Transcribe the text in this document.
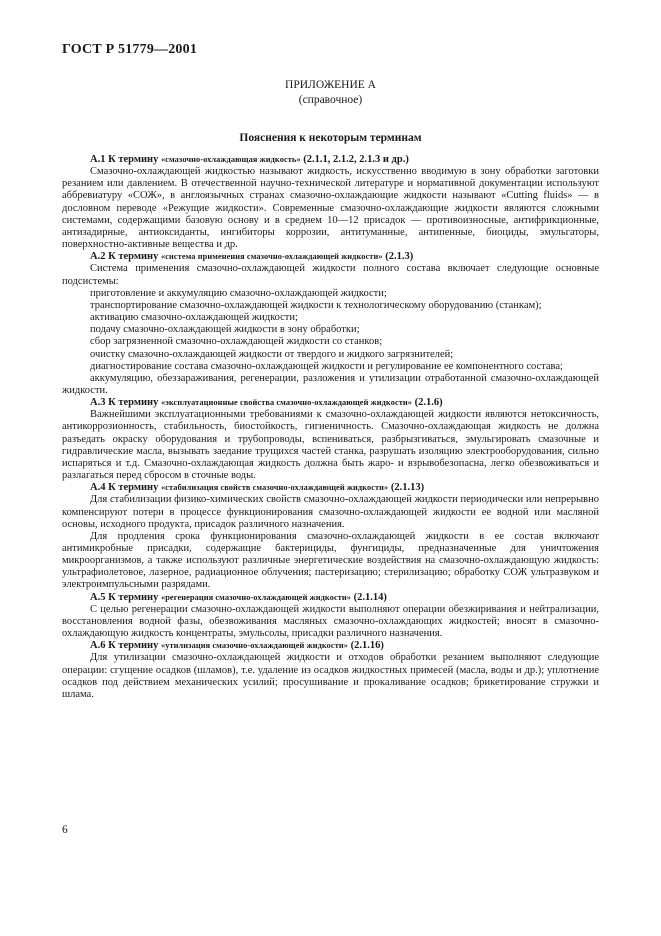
ГОСТ Р 51779—2001
ПРИЛОЖЕНИЕ А
(справочное)
Пояснения к некоторым терминам

А.1 К термину «смазочно-охлаждающая жидкость» (2.1.1, 2.1.2, 2.1.3 и др.)

Смазочно-охлаждающей жидкостью называют жидкость, искусственно вводимую в зону обработки заготовки резанием или давлением. В отечественной научно-технической литературе и нормативной документации используют аббревиатуру «СОЖ», в англоязычных странах смазочно-охлаждающие жидкости называют «Cutting fluids» — в дословном переводе «Режущие жидкости». Современные смазочно-охлаждающие жидкости являются сложными системами, содержащими базовую основу и в среднем 10—12 присадок — противоизносные, антифрикционные, антизадирные, антиоксиданты, ингибиторы коррозии, антитуманные, антипенные, биоциды, эмульгаторы, поверхностно-активные вещества и др.

А.2 К термину «система применения смазочно-охлаждающей жидкости» (2.1.3)

Система применения смазочно-охлаждающей жидкости полного состава включает следующие основные подсистемы:

приготовление и аккумуляцию смазочно-охлаждающей жидкости;

транспортирование смазочно-охлаждающей жидкости к технологическому оборудованию (станкам);

активацию смазочно-охлаждающей жидкости;

подачу смазочно-охлаждающей жидкости в зону обработки;

сбор загрязненной смазочно-охлаждающей жидкости со станков;

очистку смазочно-охлаждающей жидкости от твердого и жидкого загрязнителей;

диагностирование состава смазочно-охлаждающей жидкости и регулирование ее компонентного состава;

аккумуляцию, обеззараживания, регенерации, разложения и утилизации отработанной смазочно-охлаждающей жидкости.

А.3 К термину «эксплуатационные свойства смазочно-охлаждающей жидкости» (2.1.6)

Важнейшими эксплуатационными требованиями к смазочно-охлаждающей жидкости являются нетоксичность, антикоррозионность, стабильность, биостойкость, гигиеничность. Смазочно-охлаждающая жидкость не должна разъедать окраску оборудования и трубопроводы, вспениваться, разбрызгиваться, эмульгировать смазочные и гидравлические масла, вызывать заедание трущихся частей станка, разрушать изоляцию электрооборудования, сильно испаряться и т.д. Смазочно-охлаждающая жидкость должна быть жаро- и взрывобезопасна, легко обезвоживаться и разлагаться перед сбросом в сточные воды.

А.4 К термину «стабилизация свойств смазочно-охлаждающей жидкости» (2.1.13)

Для стабилизации физико-химических свойств смазочно-охлаждающей жидкости периодически или непрерывно компенсируют потери в процессе функционирования смазочно-охлаждающей жидкости ее водной или масляной основы, исходного продукта, присадок различного назначения.

Для продления срока функционирования смазочно-охлаждающей жидкости в ее состав включают антимикробные присадки, содержащие бактерициды, фунгициды, предназначенные для уничтожения микроорганизмов, а также используют различные энергетические воздействия на смазочно-охлаждающую жидкость: ультрафиолетовое, лазерное, радиационное облучения; пастеризацию; стерилизацию; обработку СОЖ ультразвуком и электроимпульсными разрядами.

А.5 К термину «регенерация смазочно-охлаждающей жидкости» (2.1.14)

С целью регенерации смазочно-охлаждающей жидкости выполняют операции обезжиривания и нейтрализации, восстановления водной фазы, обезвоживания масляных смазочно-охлаждающих жидкостей; вносят в смазочно-охлаждающую жидкость концентраты, эмульсолы, присадки различного назначения.

А.6 К термину «утилизация смазочно-охлаждающей жидкости» (2.1.16)

Для утилизации смазочно-охлаждающей жидкости и отходов обработки резанием выполняют следующие операции: сгущение осадков (шламов), т.е. удаление из осадков жидкостных примесей (масла, воды и др.); уплотнение осадков под действием механических усилий; просушивание и прокаливание осадков; брикетирование стружки и шлама.

6
